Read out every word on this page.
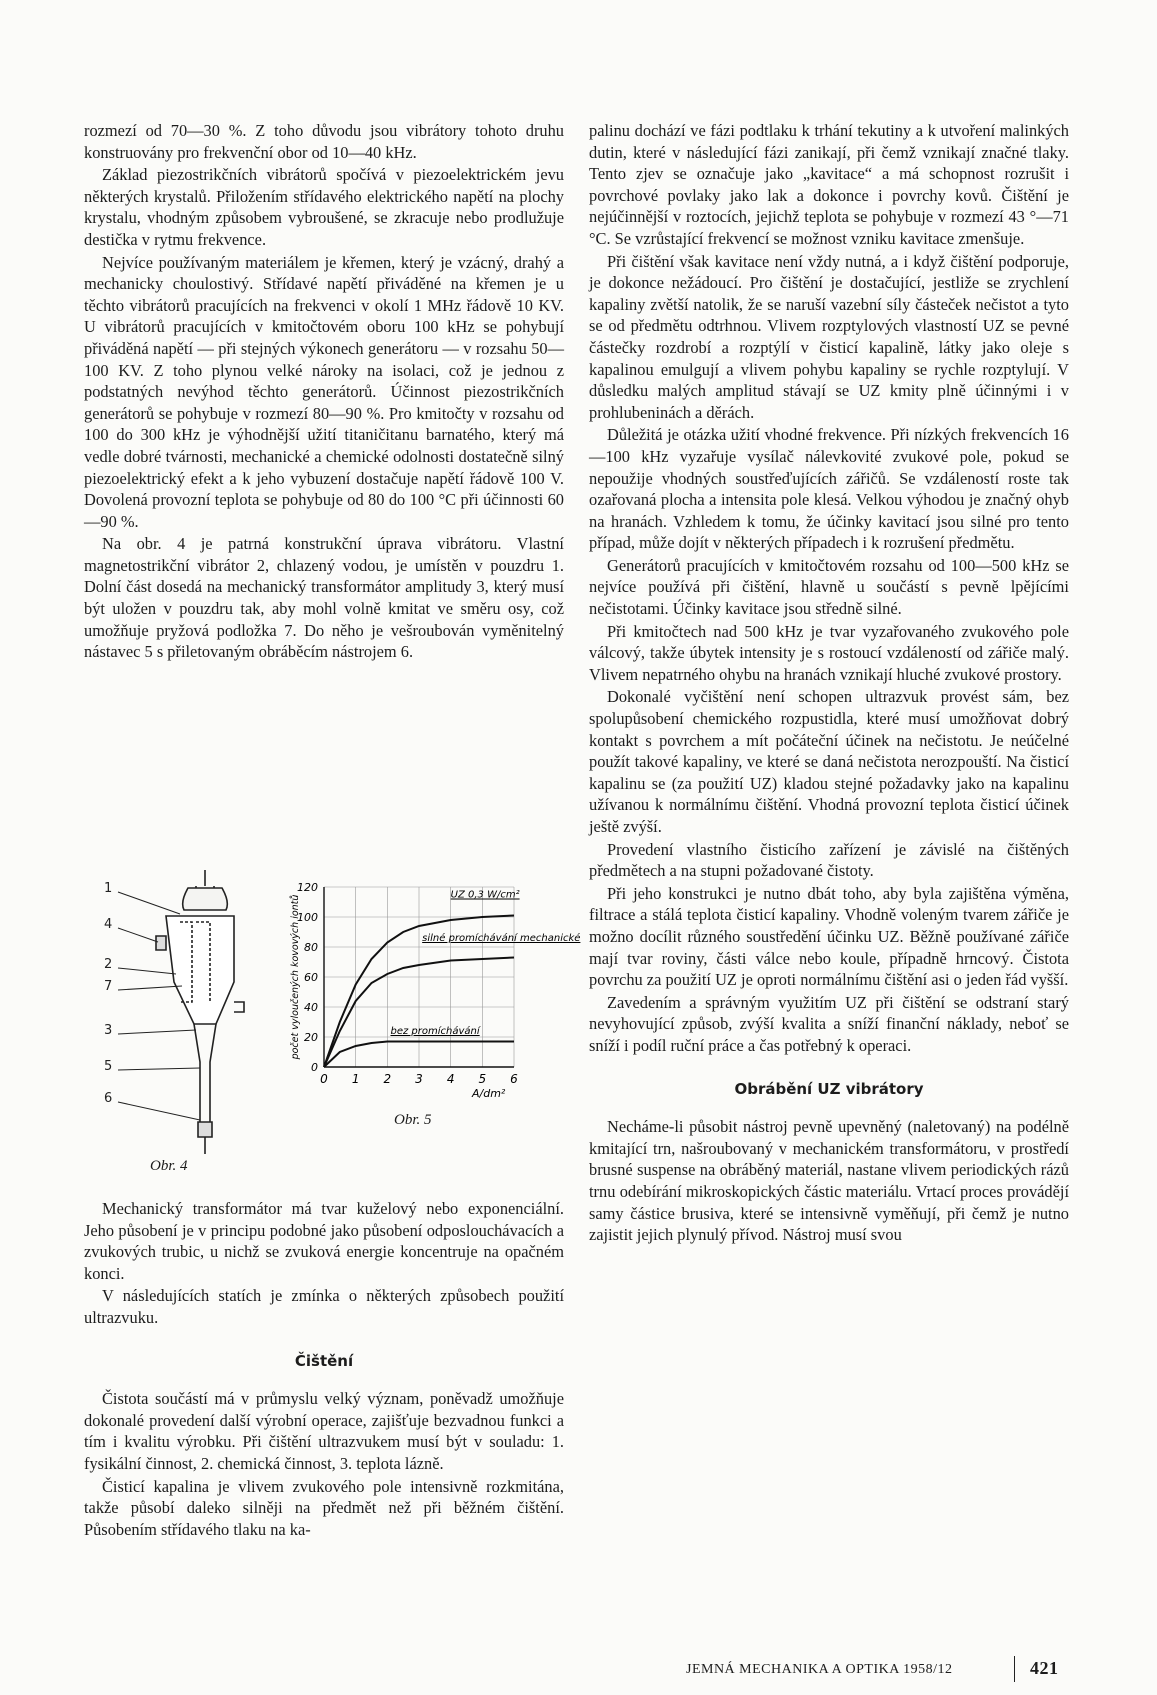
rozmezí od 70—30 %. Z toho důvodu jsou vibrátory tohoto druhu konstruovány pro frekvenční obor od 10—40 kHz.

Základ piezostrikčních vibrátorů spočívá v piezoelektrickém jevu některých krystalů. Přiložením střídavého elektrického napětí na plochy krystalu, vhodným způsobem vybroušené, se zkracuje nebo prodlužuje destička v rytmu frekvence.

Nejvíce používaným materiálem je křemen, který je vzácný, drahý a mechanicky choulostivý. Střídavé napětí přiváděné na křemen je u těchto vibrátorů pracujících na frekvenci v okolí 1 MHz řádově 10 KV. U vibrátorů pracujících v kmitočtovém oboru 100 kHz se pohybují přiváděná napětí — při stejných výkonech generátoru — v rozsahu 50—100 KV. Z toho plynou velké nároky na isolaci, což je jednou z podstatných nevýhod těchto generátorů. Účinnost piezostrikčních generátorů se pohybuje v rozmezí 80—90 %. Pro kmitočty v rozsahu od 100 do 300 kHz je výhodnější užití titaničitanu barnatého, který má vedle dobré tvárnosti, mechanické a chemické odolnosti dostatečně silný piezoelektrický efekt a k jeho vybuzení dostačuje napětí řádově 100 V. Dovolená provozní teplota se pohybuje od 80 do 100 °C při účinnosti 60—90 %.

Na obr. 4 je patrná konstrukční úprava vibrátoru. Vlastní magnetostrikční vibrátor 2, chlazený vodou, je umístěn v pouzdru 1. Dolní část dosedá na mechanický transformátor amplitudy 3, který musí být uložen v pouzdru tak, aby mohl volně kmitat ve směru osy, což umožňuje pryžová podložka 7. Do něho je vešroubován vyměnitelný nástavec 5 s přiletovaným obráběcím nástrojem 6.

1
4
2
7
3
5
6
Obr. 4
0
20
40
60
80
100
120
0 1 2 3 4 5 6
UZ 0,3 W/cm²
silné promíchávání mechanické
bez promíchávání
A/dm²
počet vyloučených kovových iontů
Obr. 5

Mechanický transformátor má tvar kuželový nebo exponenciální. Jeho působení je v principu podobné jako působení odposlouchávacích a zvukových trubic, u nichž se zvuková energie koncentruje na opačném konci.

V následujících statích je zmínka o některých způsobech použití ultrazvuku.

Čištění

Čistota součástí má v průmyslu velký význam, poněvadž umožňuje dokonalé provedení další výrobní operace, zajišťuje bezvadnou funkci a tím i kvalitu výrobku. Při čištění ultrazvukem musí být v souladu: 1. fysikální činnost, 2. chemická činnost, 3. teplota lázně.

Čisticí kapalina je vlivem zvukového pole intensivně rozkmitána, takže působí daleko silněji na předmět než při běžném čištění. Působením střídavého tlaku na ka-

palinu dochází ve fázi podtlaku k trhání tekutiny a k utvoření malinkých dutin, které v následující fázi zanikají, při čemž vznikají značné tlaky. Tento zjev se označuje jako „kavitace“ a má schopnost rozrušit i povrchové povlaky jako lak a dokonce i povrchy kovů. Čištění je nejúčinnější v roztocích, jejichž teplota se pohybuje v rozmezí 43 °—71 °C. Se vzrůstající frekvencí se možnost vzniku kavitace zmenšuje.

Při čištění však kavitace není vždy nutná, a i když čištění podporuje, je dokonce nežádoucí. Pro čištění je dostačující, jestliže se zrychlení kapaliny zvětší natolik, že se naruší vazební síly částeček nečistot a tyto se od předmětu odtrhnou. Vlivem rozptylových vlastností UZ se pevné částečky rozdrobí a rozptýlí v čisticí kapalině, látky jako oleje s kapalinou emulgují a vlivem pohybu kapaliny se rychle rozptylují. V důsledku malých amplitud stávají se UZ kmity plně účinnými i v prohlubeninách a děrách.

Důležitá je otázka užití vhodné frekvence. Při nízkých frekvencích 16—100 kHz vyzařuje vysílač nálevkovité zvukové pole, pokud se nepoužije vhodných soustřeďujících zářičů. Se vzdáleností roste tak ozařovaná plocha a intensita pole klesá. Velkou výhodou je značný ohyb na hranách. Vzhledem k tomu, že účinky kavitací jsou silné pro tento případ, může dojít v některých případech i k rozrušení předmětu.

Generátorů pracujících v kmitočtovém rozsahu od 100—500 kHz se nejvíce používá při čištění, hlavně u součástí s pevně lpějícími nečistotami. Účinky kavitace jsou středně silné.

Při kmitočtech nad 500 kHz je tvar vyzařovaného zvukového pole válcový, takže úbytek intensity je s rostoucí vzdáleností od zářiče malý. Vlivem nepatrného ohybu na hranách vznikají hluché zvukové prostory.

Dokonalé vyčištění není schopen ultrazvuk provést sám, bez spolupůsobení chemického rozpustidla, které musí umožňovat dobrý kontakt s povrchem a mít počáteční účinek na nečistotu. Je neúčelné použít takové kapaliny, ve které se daná nečistota nerozpouští. Na čisticí kapalinu se (za použití UZ) kladou stejné požadavky jako na kapalinu užívanou k normálnímu čištění. Vhodná provozní teplota čisticí účinek ještě zvýší.

Provedení vlastního čisticího zařízení je závislé na čištěných předmětech a na stupni požadované čistoty.

Při jeho konstrukci je nutno dbát toho, aby byla zajištěna výměna, filtrace a stálá teplota čisticí kapaliny. Vhodně voleným tvarem zářiče je možno docílit různého soustředění účinku UZ. Běžně používané zářiče mají tvar roviny, části válce nebo koule, případně hrncový. Čistota povrchu za použití UZ je oproti normálnímu čištění asi o jeden řád vyšší.

Zavedením a správným využitím UZ při čištění se odstraní starý nevyhovující způsob, zvýší kvalita a sníží finanční náklady, neboť se sníží i podíl ruční práce a čas potřebný k operaci.

Obrábění UZ vibrátory

Necháme-li působit nástroj pevně upevněný (naletovaný) na podélně kmitající trn, našroubovaný v mechanickém transformátoru, v prostředí brusné suspense na obráběný materiál, nastane vlivem periodických rázů trnu odebírání mikroskopických částic materiálu. Vrtací proces provádějí samy částice brusiva, které se intensivně vyměňují, při čemž je nutno zajistit jejich plynulý přívod. Nástroj musí svou

JEMNÁ MECHANIKA A OPTIKA 1958/12	421
